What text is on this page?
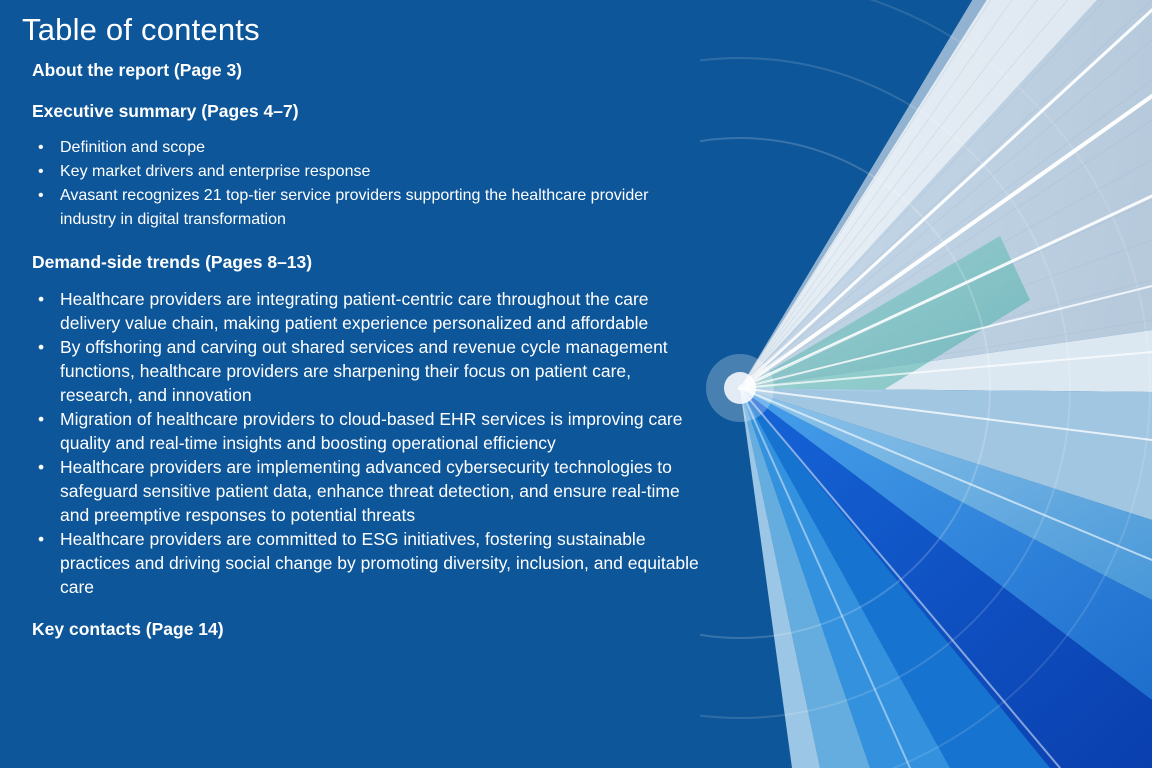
Table of contents
About the report (Page 3)
Executive summary (Pages 4–7)
• Definition and scope
• Key market drivers and enterprise response
• Avasant recognizes 21 top-tier service providers supporting the healthcare provider industry in digital transformation
Demand-side trends (Pages 8–13)
• Healthcare providers are integrating patient-centric care throughout the care delivery value chain, making patient experience personalized and affordable
• By offshoring and carving out shared services and revenue cycle management functions, healthcare providers are sharpening their focus on patient care, research, and innovation
• Migration of healthcare providers to cloud-based EHR services is improving care quality and real-time insights and boosting operational efficiency
• Healthcare providers are implementing advanced cybersecurity technologies to safeguard sensitive patient data, enhance threat detection, and ensure real-time and preemptive responses to potential threats
• Healthcare providers are committed to ESG initiatives, fostering sustainable practices and driving social change by promoting diversity, inclusion, and equitable care
Key contacts (Page 14)
